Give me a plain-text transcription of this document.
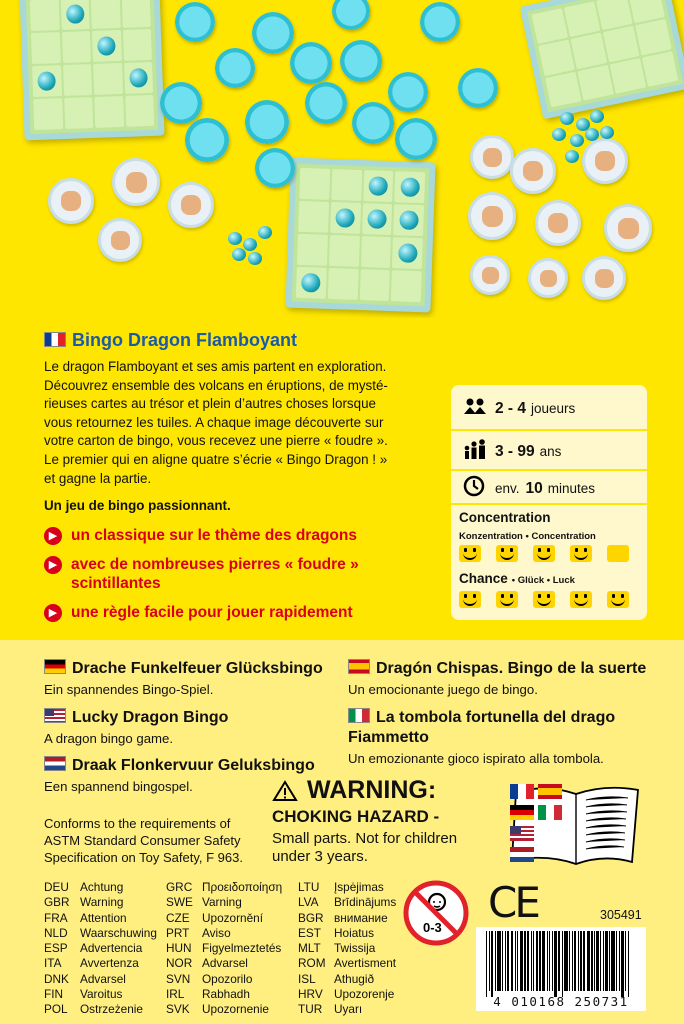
Bingo Dragon Flamboyant
Le dragon Flamboyant et ses amis partent en exploration.
Découvrez ensemble des volcans en éruptions, de mysté-
rieuses cartes au trésor et plein d’autres choses lorsque
vous retournez les tuiles. A chaque image découverte sur
votre carton de bingo, vous recevez une pierre « foudre ».
Le premier qui en aligne quatre s’écrie « Bingo Dragon ! »
et gagne la partie.
Un jeu de bingo passionnant.
▶ un classique sur le thème des dragons
▶ avec de nombreuses pierres « foudre »
scintillantes
▶ une règle facile pour jouer rapidement
2 - 4 joueurs
3 - 99 ans
env. 10 minutes
Concentration
Konzentration • Concentration
Chance • Glück • Luck
Drache Funkelfeuer Glücksbingo
Ein spannendes Bingo-Spiel.
Lucky Dragon Bingo
A dragon bingo game.
Draak Flonkervuur Geluksbingo
Een spannend bingospel.
Dragón Chispas. Bingo de la suerte
Un emocionante juego de bingo.
La tombola fortunella del drago
Fiammetto
Un emozionante gioco ispirato alla tombola.
WARNING:
CHOKING HAZARD -
Small parts. Not for children
under 3 years.
Conforms to the requirements of
ASTM Standard Consumer Safety
Specification on Toy Safety, F 963.
DEU Achtung
GBR Warning
FRA	Attention
NLD	Waarschuwing
ESP	Advertencia
ITA	Avvertenza
DNK Advarsel
FIN	Varoitus
POL	Ostrzeżenie
GRC Προειδοποίηση
SWE Varning
CZE	Upozornění
PRT	Aviso
HUN Figyelmeztetés
NOR Advarsel
SVN Opozorilo
IRL	Rabhadh
SVK	Upozornenie
LTU	Įspėjimas
LVA	Brīdinājums
BGR внимание
EST	Hoiatus
MLT	Twissija
ROM Avertisment
ISL	Athugið
HRV Upozorenje
TUR Uyarı
0-3
CE	305491
4 010168 250731
